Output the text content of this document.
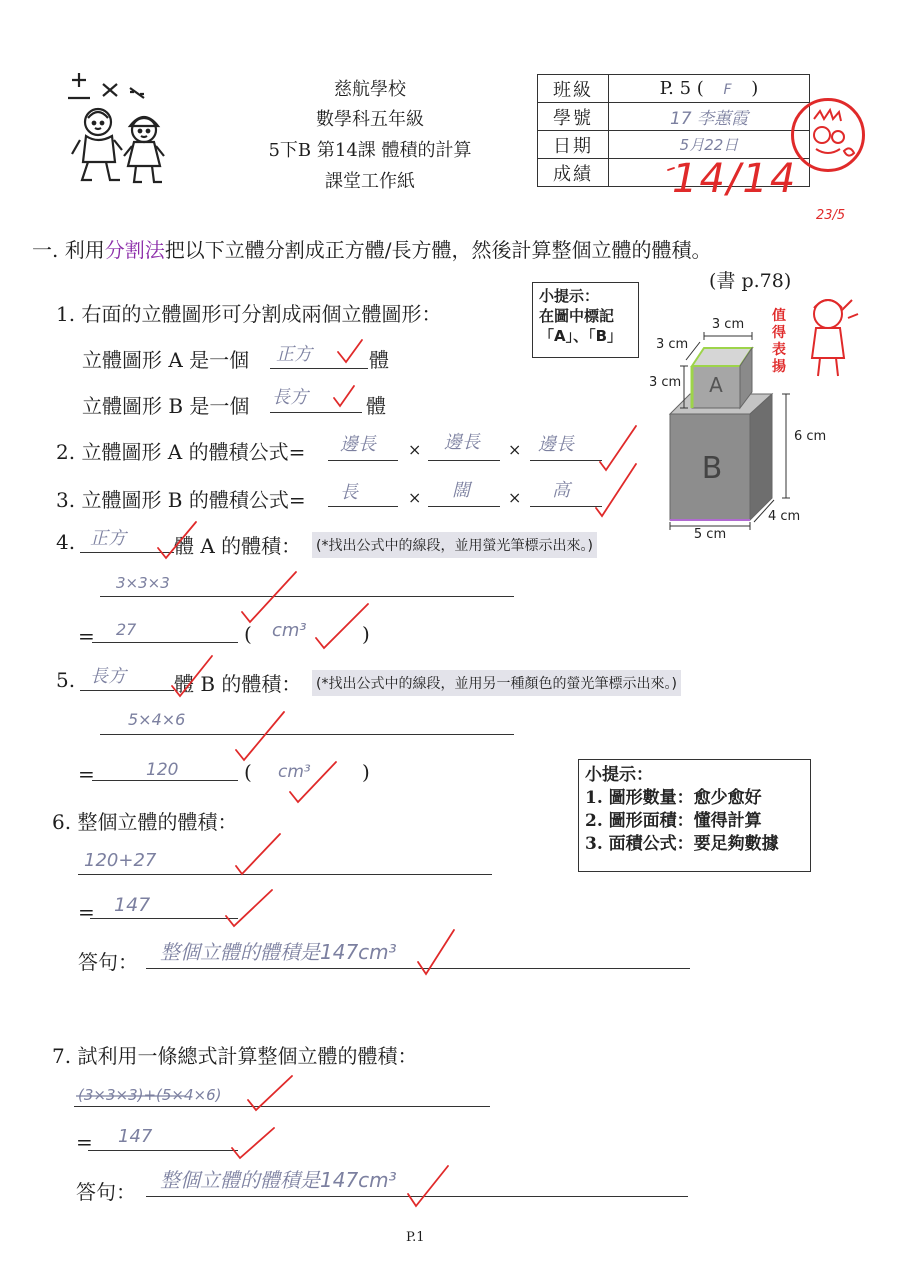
慈航學校
數學科五年級
5下B 第14課 體積的計算
課堂工作紙
班級	P. 5 ( F )
學號	17 李蕙霞
日期	5月22日
成績	14/14
23/5
一. 利用分割法把以下立體分割成正方體/長方體，然後計算整個立體的體積。
(書 p.78)
小提示：
在圖中標記
「A」、「B」
3 cm
3 cm
3 cm
6 cm
5 cm
4 cm
A
B
值得表揚
1. 右面的立體圖形可分割成兩個立體圖形：
立體圖形 A 是一個 正方	體
立體圖形 B 是一個 長方	體
2. 立體圖形 A 的體積公式= 邊長 × 邊長 × 邊長
3. 立體圖形 B 的體積公式= 長	× 闊 × 高
4. 正方 體 A 的體積： (*找出公式中的線段，並用螢光筆標示出來。)
3×3×3
= 27	( cm³	)
5. 長方 體 B 的體積： (*找出公式中的線段，並用另一種顏色的螢光筆標示出來。)
5×4×6
=	120	( cm³	)	小提示：
1. 圖形數量：愈少愈好
2. 圖形面積：懂得計算
3. 面積公式：要足夠數據
6. 整個立體的體積：
120+27
= 147
答句： 整個立體的體積是147cm³
7. 試利用一條總式計算整個立體的體積：
(3×3×3)+(5×4×6)
= 147
答句： 整個立體的體積是147cm³
P.1
